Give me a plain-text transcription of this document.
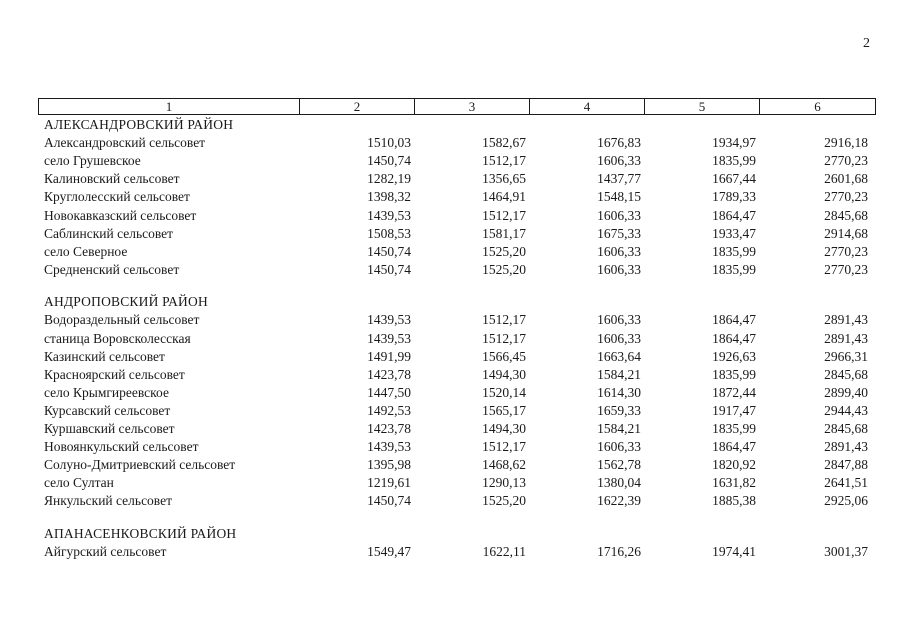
2
1	2	3	4	5	6
АЛЕКСАНДРОВСКИЙ РАЙОН
Александровский сельсовет	1510,03	1582,67	1676,83	1934,97	2916,18
село Грушевское	1450,74	1512,17	1606,33	1835,99	2770,23
Калиновский сельсовет	1282,19	1356,65	1437,77	1667,44	2601,68
Круглолесский сельсовет	1398,32	1464,91	1548,15	1789,33	2770,23
Новокавказский сельсовет	1439,53	1512,17	1606,33	1864,47	2845,68
Саблинский сельсовет	1508,53	1581,17	1675,33	1933,47	2914,68
село Северное	1450,74	1525,20	1606,33	1835,99	2770,23
Средненский сельсовет	1450,74	1525,20	1606,33	1835,99	2770,23
АНДРОПОВСКИЙ РАЙОН
Водораздельный сельсовет	1439,53	1512,17	1606,33	1864,47	2891,43
станица Воровсколесская	1439,53	1512,17	1606,33	1864,47	2891,43
Казинский сельсовет	1491,99	1566,45	1663,64	1926,63	2966,31
Красноярский сельсовет	1423,78	1494,30	1584,21	1835,99	2845,68
село Крымгиреевское	1447,50	1520,14	1614,30	1872,44	2899,40
Курсавский сельсовет	1492,53	1565,17	1659,33	1917,47	2944,43
Куршавский сельсовет	1423,78	1494,30	1584,21	1835,99	2845,68
Новоянкульский сельсовет	1439,53	1512,17	1606,33	1864,47	2891,43
Солуно-Дмитриевский сельсовет	1395,98	1468,62	1562,78	1820,92	2847,88
село Султан	1219,61	1290,13	1380,04	1631,82	2641,51
Янкульский сельсовет	1450,74	1525,20	1622,39	1885,38	2925,06
АПАНАСЕНКОВСКИЙ РАЙОН
Айгурский сельсовет	1549,47	1622,11	1716,26	1974,41	3001,37
